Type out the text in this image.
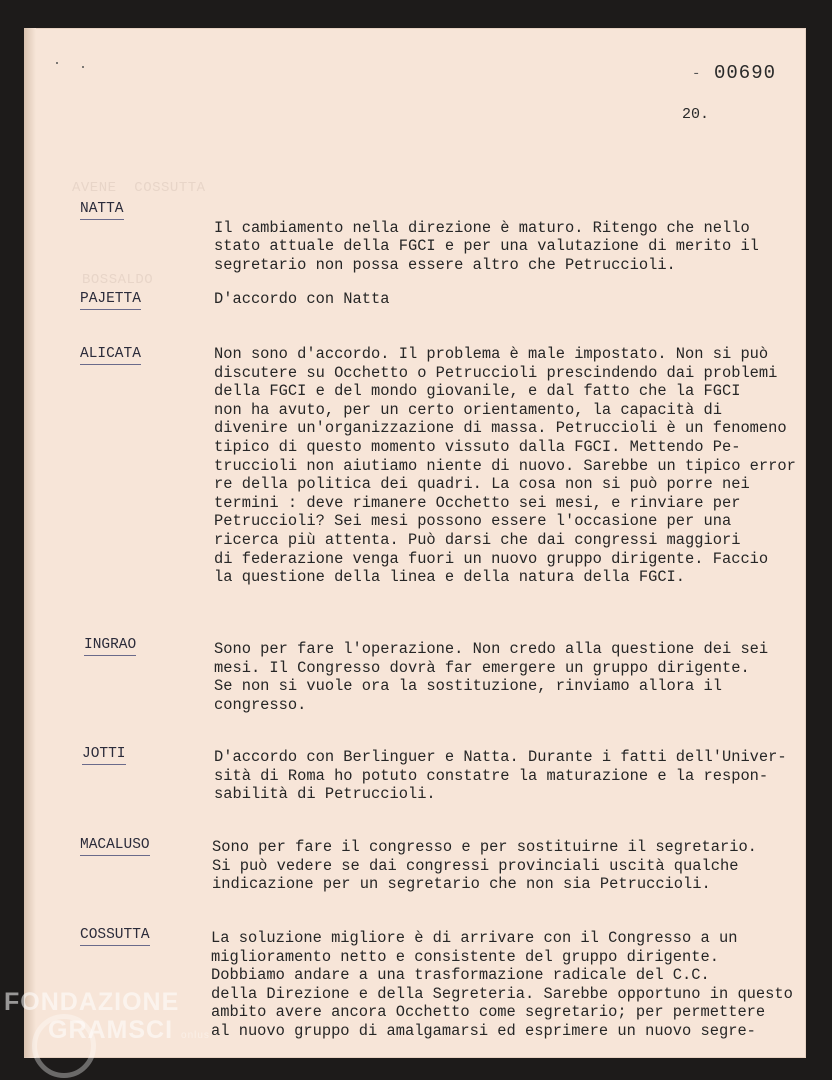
AVENE  COSSUTTA
BOSSALDO
- 00690
20.
NATTA

Il cambiamento nella direzione è maturo. Ritengo che nello
stato attuale della FGCI e per una valutazione di merito il
segretario non possa essere altro che Petruccioli.
PAJETTA	D'accordo con Natta
ALICATA	Non sono d'accordo. Il problema è male impostato. Non si può
discutere su Occhetto o Petruccioli prescindendo dai problemi
della FGCI e del mondo giovanile, e dal fatto che la FGCI
non ha avuto, per un certo orientamento, la capacità di
divenire un'organizzazione di massa. Petruccioli è un fenomeno
tipico di questo momento vissuto dalla FGCI. Mettendo Pe-
truccioli non aiutiamo niente di nuovo. Sarebbe un tipico error
re della politica dei quadri. La cosa non si può porre nei
termini : deve rimanere Occhetto sei mesi, e rinviare per
Petruccioli? Sei mesi possono essere l'occasione per una
ricerca più attenta. Può darsi che dai congressi maggiori
di federazione venga fuori un nuovo gruppo dirigente. Faccio
la questione della linea e della natura della FGCI.
INGRAO	Sono per fare l'operazione. Non credo alla questione dei sei
mesi. Il Congresso dovrà far emergere un gruppo dirigente.
Se non si vuole ora la sostituzione, rinviamo allora il
congresso.
JOTTI	D'accordo con Berlinguer e Natta. Durante i fatti dell'Univer-
sità di Roma ho potuto constatre la maturazione e la respon-
sabilità di Petruccioli.
MACALUSO	Sono per fare il congresso e per sostituirne il segretario.
Si può vedere se dai congressi provinciali uscità qualche
indicazione per un segretario che non sia Petruccioli.
COSSUTTA	La soluzione migliore è di arrivare con il Congresso a un
miglioramento netto e consistente del gruppo dirigente.
Dobbiamo andare a una trasformazione radicale del C.C.
della Direzione e della Segreteria. Sarebbe opportuno in questo
ambito avere ancora Occhetto come segretario; per permettere
al nuovo gruppo di amalgamarsi ed esprimere un nuovo segre-
FONDAZIONE
GRAMSCI onlus
